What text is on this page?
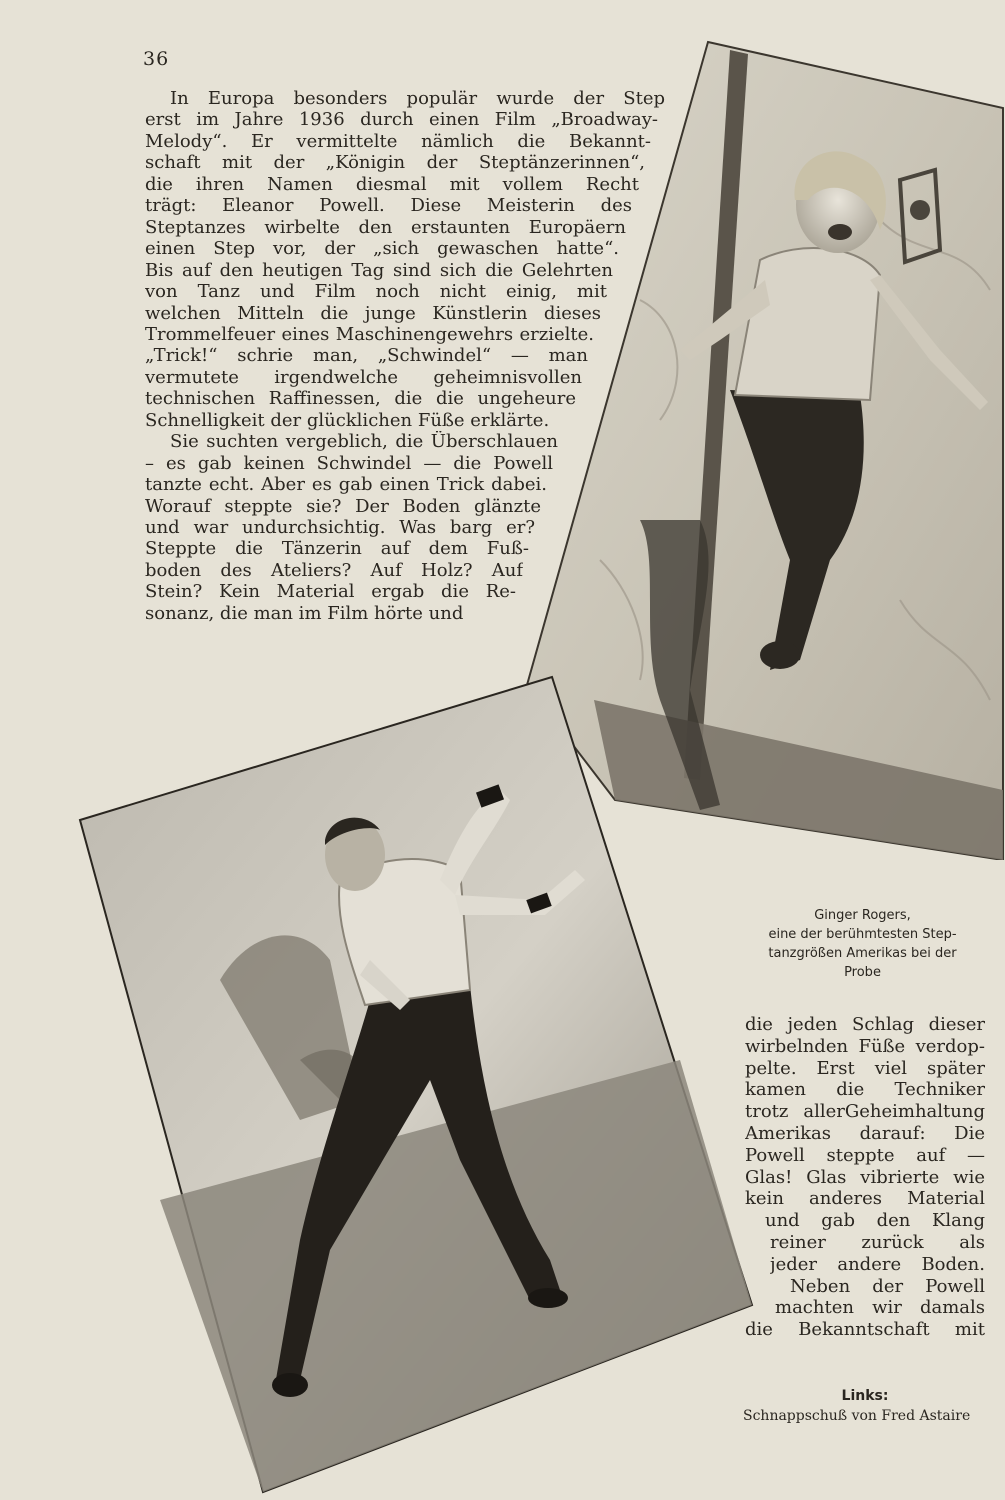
36
In Europa besonders populär wurde der Step
erst im Jahre 1936 durch einen Film „Broadway-
Melody“. Er vermittelte nämlich die Bekannt-
schaft mit der „Königin der Steptänzerinnen“,
die ihren Namen diesmal mit vollem Recht
trägt: Eleanor Powell. Diese Meisterin des
Steptanzes wirbelte den erstaunten Europäern
einen Step vor, der „sich gewaschen hatte“.
Bis auf den heutigen Tag sind sich die Gelehrten
von Tanz und Film noch nicht einig, mit
welchen Mitteln die junge Künstlerin dieses
Trommelfeuer eines Maschinengewehrs erzielte.
„Trick!“ schrie man, „Schwindel“ — man
vermutete irgendwelche geheimnisvollen
technischen Raffinessen, die die ungeheure
Schnelligkeit der glücklichen Füße erklärte.
Sie suchten vergeblich, die Überschlauen
– es gab keinen Schwindel — die Powell
tanzte echt. Aber es gab einen Trick dabei.
Worauf steppte sie? Der Boden glänzte
und war undurchsichtig. Was barg er?
Steppte die Tänzerin auf dem Fuß-
boden des Ateliers? Auf Holz? Auf
Stein? Kein Material ergab die Re-
sonanz, die man im Film hörte und
die jeden Schlag dieser
wirbelnden Füße verdop-
pelte. Erst viel später
kamen die Techniker
trotz allerGeheimhaltung
Amerikas darauf: Die
Powell steppte auf —
Glas! Glas vibrierte wie
kein anderes Material
und gab den Klang
reiner zurück als
jeder andere Boden.
Neben der Powell
machten wir damals
die Bekanntschaft mit
Ginger Rogers,
eine der berühmtesten Step-
tanzgrößen Amerikas bei der
Probe
Links:
Schnappschuß von Fred Astaire
